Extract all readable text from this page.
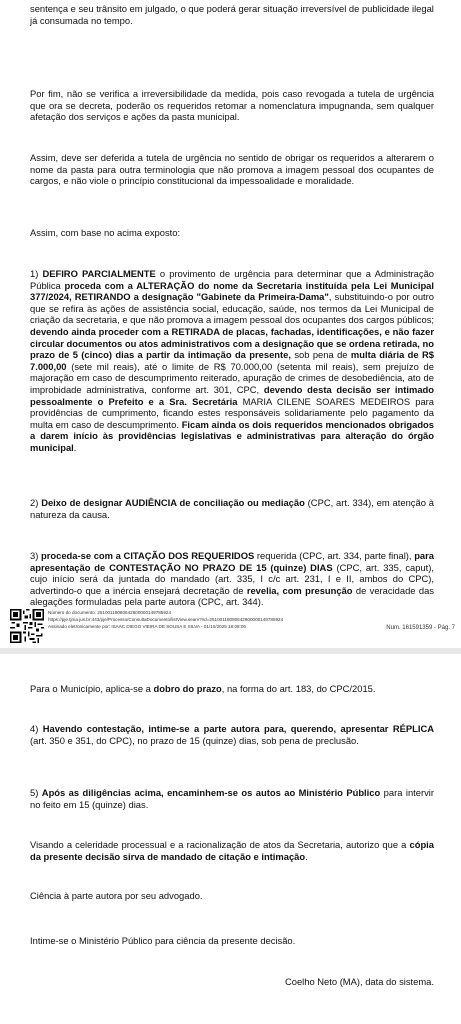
sentença e seu trânsito em julgado, o que poderá gerar situação irreversível de publicidade ilegal já consumada no tempo.

Por fim, não se verifica a irreversibilidade da medida, pois caso revogada a tutela de urgência que ora se decreta, poderão os requeridos retomar a nomenclatura impugnanda, sem qualquer afetação dos serviços e ações da pasta municipal.

Assim, deve ser deferida a tutela de urgência no sentido de obrigar os requeridos a alterarem o nome da pasta para outra terminologia que não promova a imagem pessoal dos ocupantes de cargos, e não viole o princípio constitucional da impessoalidade e moralidade.

Assim, com base no acima exposto:

1) DEFIRO PARCIALMENTE o provimento de urgência para determinar que a Administração Pública proceda com a ALTERAÇÃO do nome da Secretaria instituída pela Lei Municipal 377/2024, RETIRANDO a designação "Gabinete da Primeira-Dama", substituindo-o por outro que se refira às ações de assistência social, educação, saúde, nos termos da Lei Municipal de criação da secretaria, e que não promova a imagem pessoal dos ocupantes dos cargos públicos; devendo ainda proceder com a RETIRADA de placas, fachadas, identificações, e não fazer circular documentos ou atos administrativos com a designação que se ordena retirada, no prazo de 5 (cinco) dias a partir da intimação da presente, sob pena de multa diária de R$ 7.000,00 (sete mil reais), até o limite de R$ 70.000,00 (setenta mil reais), sem prejuízo de majoração em caso de descumprimento reiterado, apuração de crimes de desobediência, ato de improbidade administrativa, conforme art. 301, CPC, devendo desta decisão ser intimado pessoalmente o Prefeito e a Sra. Secretária MARIA CILENE SOARES MEDEIROS para providências de cumprimento, ficando estes responsáveis solidariamente pelo pagamento da multa em caso de descumprimento. Ficam ainda os dois requeridos mencionados obrigados a darem início às providências legislativas e administrativas para alteração do órgão municipal.

2) Deixo de designar AUDIÊNCIA de conciliação ou mediação (CPC, art. 334), em atenção à natureza da causa.

3) proceda-se com a CITAÇÃO DOS REQUERIDOS requerida (CPC, art. 334, parte final), para apresentação de CONTESTAÇÃO NO PRAZO DE 15 (quinze) DIAS (CPC, art. 335, caput), cujo início será da juntada do mandado (art. 335, I c/c art. 231, I e II, ambos do CPC), advertindo-o que a inércia ensejará decretação de revelia, com presunção de veracidade das alegações formuladas pela parte autora (CPC, art. 344).

Número do documento: 25100118080642600000149785924
https://pje.tjma.jus.br:443/pje/Processo/ConsultaDocumento/listView.seam?nd=25100118080642600000149785924
Assinado eletronicamente por: ISAAC DIEGO VIEIRA DE SOUSA E SILVA - 01/10/2025 18:08:06	Num. 161591359 - Pág. 7

Para o Município, aplica-se a dobro do prazo, na forma do art. 183, do CPC/2015.

4) Havendo contestação, intime-se a parte autora para, querendo, apresentar RÉPLICA (art. 350 e 351, do CPC), no prazo de 15 (quinze) dias, sob pena de preclusão.

5) Após as diligências acima, encaminhem-se os autos ao Ministério Público para intervir no feito em 15 (quinze) dias.

Visando a celeridade processual e a racionalização de atos da Secretaria, autorizo que a cópia da presente decisão sirva de mandado de citação e intimação.

Ciência à parte autora por seu advogado.

Intime-se o Ministério Público para ciência da presente decisão.

Coelho Neto (MA), data do sistema.
